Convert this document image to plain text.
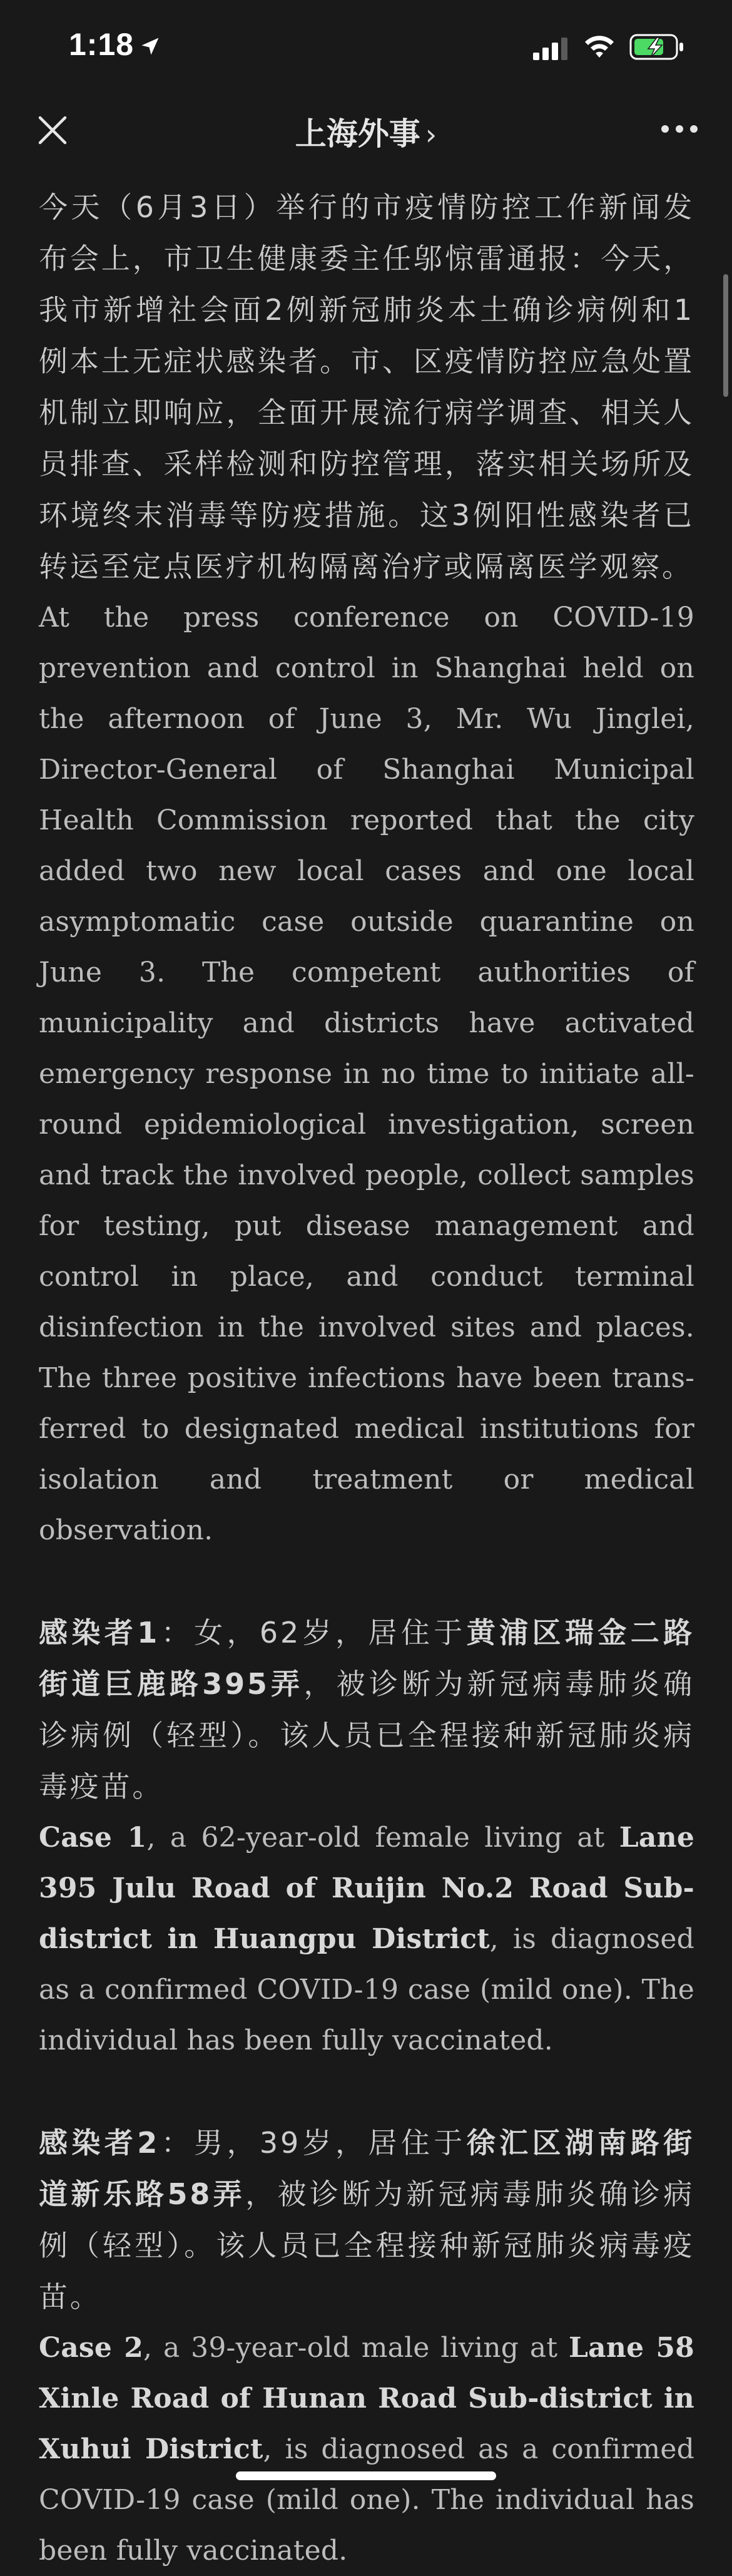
1:18
上海外事 ›

今天（6月3日）举行的市疫情防控工作新闻发布会上，市卫生健康委主任邬惊雷通报：今天，我市新增社会面2例新冠肺炎本土确诊病例和1例本土无症状感染者。市、区疫情防控应急处置机制立即响应，全面开展流行病学调查、相关人员排查、采样检测和防控管理，落实相关场所及环境终末消毒等防疫措施。这3例阳性感染者已转运至定点医疗机构隔离治疗或隔离医学观察。

At the press conference on COVID-19 prevention and control in Shanghai held on the afternoon of June 3, Mr. Wu Jinglei, Director-General of Shanghai Municipal Health Commission reported that the city added two new local cases and one local asymptomatic case outside quarantine on June 3. The competent authorities of municipality and districts have activated emergency response in no time to initiate all-round epidemiological investigation, screen and track the involved people, collect samples for testing, put disease management and control in place, and conduct terminal disinfection in the involved sites and places. The three positive infections have been transferred to designated medical institutions for isolation and treatment or medical observation.

感染者1：女，62岁，居住于黄浦区瑞金二路街道巨鹿路395弄，被诊断为新冠病毒肺炎确诊病例（轻型）。该人员已全程接种新冠肺炎病毒疫苗。

Case 1, a 62-year-old female living at Lane 395 Julu Road of Ruijin No.2 Road Sub-district in Huangpu District, is diagnosed as a confirmed COVID-19 case (mild one). The individual has been fully vaccinated.

感染者2：男，39岁，居住于徐汇区湖南路街道新乐路58弄，被诊断为新冠病毒肺炎确诊病例（轻型）。该人员已全程接种新冠肺炎病毒疫苗。

Case 2, a 39-year-old male living at Lane 58 Xinle Road of Hunan Road Sub-district in Xuhui District, is diagnosed as a confirmed COVID-19 case (mild one). The individual has been fully vaccinated.
